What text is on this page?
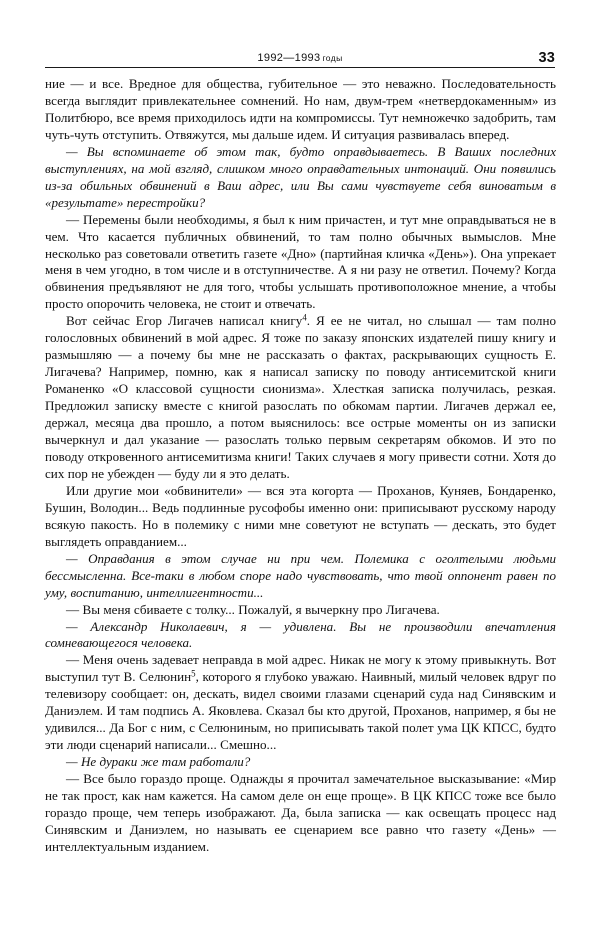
1992—1993 годы	33

ние — и все. Вредное для общества, губительное — это неважно. Последовательность всегда выглядит привлекательнее сомнений. Но нам, двум-трем «нетвердокаменным» из Политбюро, все время приходилось идти на компромиссы. Тут немножечко задобрить, там чуть-чуть отступить. Отвяжутся, мы дальше идем. И ситуация развивалась вперед.

— Вы вспоминаете об этом так, будто оправдываетесь. В Ваших последних выступлениях, на мой взгляд, слишком много оправдательных интонаций. Они появились из-за обильных обвинений в Ваш адрес, или Вы сами чувствуете себя виноватым в «результате» перестройки?

— Перемены были необходимы, я был к ним причастен, и тут мне оправдываться не в чем. Что касается публичных обвинений, то там полно обычных вымыслов. Мне несколько раз советовали ответить газете «Дно» (партийная кличка «День»). Она упрекает меня в чем угодно, в том числе и в отступничестве. А я ни разу не ответил. Почему? Когда обвинения предъявляют не для того, чтобы услышать противоположное мнение, а чтобы просто опорочить человека, не стоит и отвечать.

Вот сейчас Егор Лигачев написал книгу$^4$. Я ее не читал, но слышал — там полно голословных обвинений в мой адрес. Я тоже по заказу японских издателей пишу книгу и размышляю — а почему бы мне не рассказать о фактах, раскрывающих сущность Е. Лигачева? Например, помню, как я написал записку по поводу антисемитской книги Романенко «О классовой сущности сионизма». Хлесткая записка получилась, резкая. Предложил записку вместе с книгой разослать по обкомам партии. Лигачев держал ее, держал, месяца два прошло, а потом выяснилось: все острые моменты он из записки вычеркнул и дал указание — разослать только первым секретарям обкомов. И это по поводу откровенного антисемитизма книги! Таких случаев я могу привести сотни. Хотя до сих пор не убежден — буду ли я это делать.

Или другие мои «обвинители» — вся эта когорта — Проханов, Куняев, Бондаренко, Бушин, Володин... Ведь подлинные русофобы именно они: приписывают русскому народу всякую пакость. Но в полемику с ними мне советуют не вступать — дескать, это будет выглядеть оправданием...

— Оправдания в этом случае ни при чем. Полемика с оголтелыми людьми бессмысленна. Все-таки в любом споре надо чувствовать, что твой оппонент равен по уму, воспитанию, интеллигентности...

— Вы меня сбиваете с толку... Пожалуй, я вычеркну про Лигачева.

— Александр Николаевич, я — удивлена. Вы не производили впечатления сомневающегося человека.

— Меня очень задевает неправда в мой адрес. Никак не могу к этому привыкнуть. Вот выступил тут В. Селюнин$^5$, которого я глубоко уважаю. Наивный, милый человек вдруг по телевизору сообщает: он, дескать, видел своими глазами сценарий суда над Синявским и Даниэлем. И там подпись А. Яковлева. Сказал бы кто другой, Проханов, например, я бы не удивился... Да Бог с ним, с Селюниным, но приписывать такой полет ума ЦК КПСС, будто эти люди сценарий написали... Смешно...

— Не дураки же там работали?

— Все было гораздо проще. Однажды я прочитал замечательное высказывание: «Мир не так прост, как нам кажется. На самом деле он еще проще». В ЦК КПСС тоже все было гораздо проще, чем теперь изображают. Да, была записка — как освещать процесс над Синявским и Даниэлем, но называть ее сценарием все равно что газету «День» — интеллектуальным изданием.
